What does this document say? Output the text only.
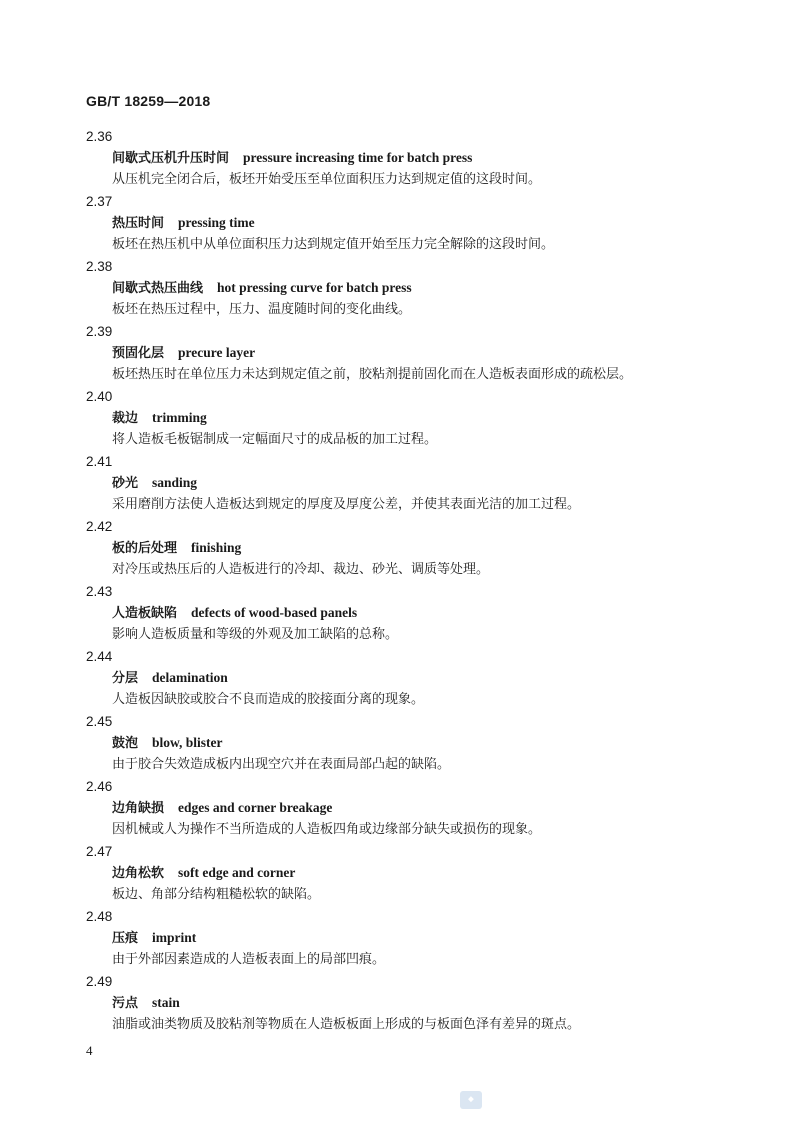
GB/T 18259—2018
2.36
间歇式压机升压时间 pressure increasing time for batch press
从压机完全闭合后，板坯开始受压至单位面积压力达到规定值的这段时间。
2.37
热压时间 pressing time
板坯在热压机中从单位面积压力达到规定值开始至压力完全解除的这段时间。
2.38
间歇式热压曲线 hot pressing curve for batch press
板坯在热压过程中，压力、温度随时间的变化曲线。
2.39
预固化层 precure layer
板坯热压时在单位压力未达到规定值之前，胶粘剂提前固化而在人造板表面形成的疏松层。
2.40
裁边 trimming
将人造板毛板锯制成一定幅面尺寸的成品板的加工过程。
2.41
砂光 sanding
采用磨削方法使人造板达到规定的厚度及厚度公差，并使其表面光洁的加工过程。
2.42
板的后处理 finishing
对冷压或热压后的人造板进行的冷却、裁边、砂光、调质等处理。
2.43
人造板缺陷 defects of wood-based panels
影响人造板质量和等级的外观及加工缺陷的总称。
2.44
分层 delamination
人造板因缺胶或胶合不良而造成的胶接面分离的现象。
2.45
鼓泡 blow, blister
由于胶合失效造成板内出现空穴并在表面局部凸起的缺陷。
2.46
边角缺损 edges and corner breakage
因机械或人为操作不当所造成的人造板四角或边缘部分缺失或损伤的现象。
2.47
边角松软 soft edge and corner
板边、角部分结构粗糙松软的缺陷。
2.48
压痕 imprint
由于外部因素造成的人造板表面上的局部凹痕。
2.49
污点 stain
油脂或油类物质及胶粘剂等物质在人造板板面上形成的与板面色泽有差异的斑点。
4
◆
